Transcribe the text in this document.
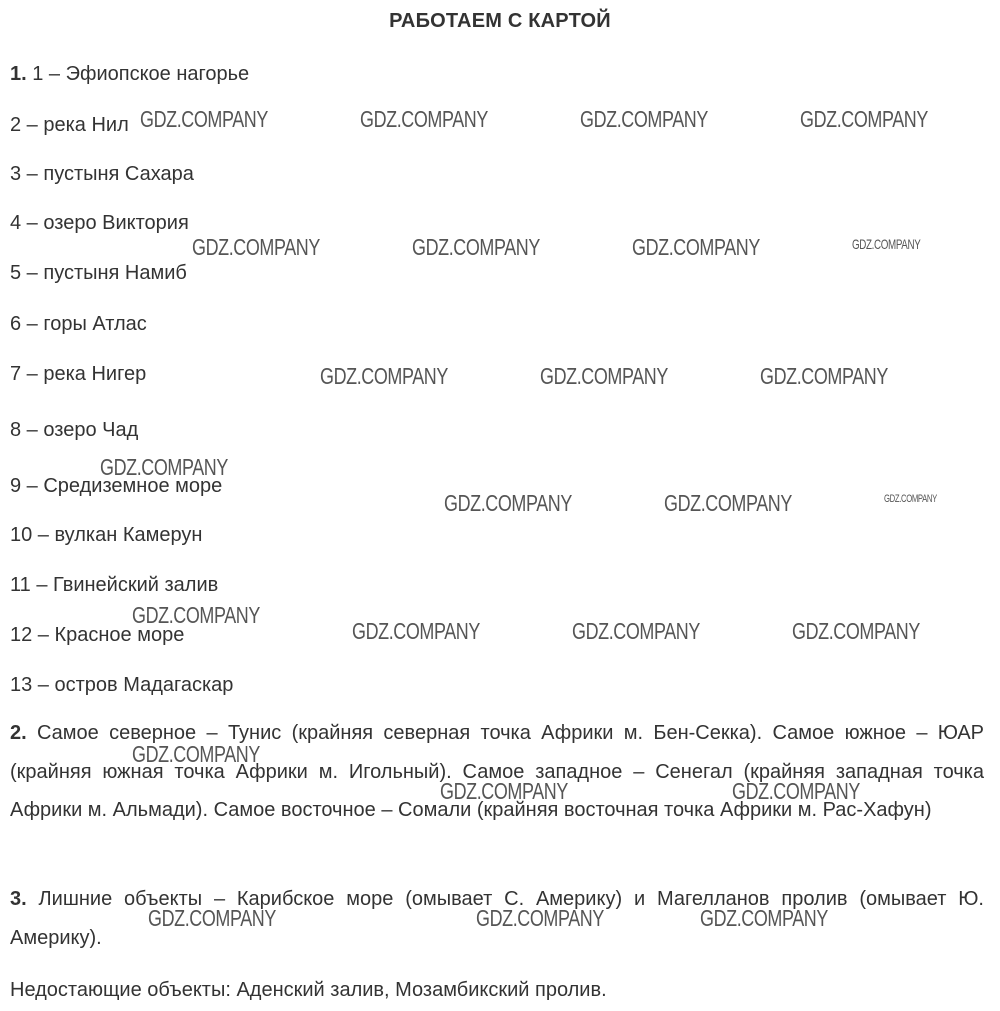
РАБОТАЕМ С КАРТОЙ
1. 1 – Эфиопское нагорье
2 – река Нил
3 – пустыня Сахара
4 – озеро Виктория
5 – пустыня Намиб
6 – горы Атлас
7 – река Нигер
8 – озеро Чад
9 – Средиземное море
10 – вулкан Камерун
11 – Гвинейский залив
12 – Красное море
13 – остров Мадагаскар
2. Самое северное – Тунис (крайняя северная точка Африки м. Бен-Секка). Самое южное – ЮАР (крайняя южная точка Африки м. Игольный). Самое западное – Сенегал (крайняя западная точка Африки м. Альмади). Самое восточное – Сомали (крайняя восточная точка Африки м. Рас-Хафун)
3. Лишние объекты – Карибское море (омывает С. Америку) и Магелланов пролив (омывает Ю. Америку).
Недостающие объекты: Аденский залив, Мозамбикский пролив.
GDZ.COMPANY	GDZ.COMPANY	GDZ.COMPANY	GDZ.COMPANY
GDZ.COMPANY	GDZ.COMPANY	GDZ.COMPANY	GDZ.COMPANY
GDZ.COMPANY	GDZ.COMPANY	GDZ.COMPANY
GDZ.COMPANY
GDZ.COMPANY	GDZ.COMPANY	GDZ.COMPANY
GDZ.COMPANY
GDZ.COMPANY	GDZ.COMPANY	GDZ.COMPANY
GDZ.COMPANY
GDZ.COMPANY	GDZ.COMPANY
GDZ.COMPANY	GDZ.COMPANY	GDZ.COMPANY
